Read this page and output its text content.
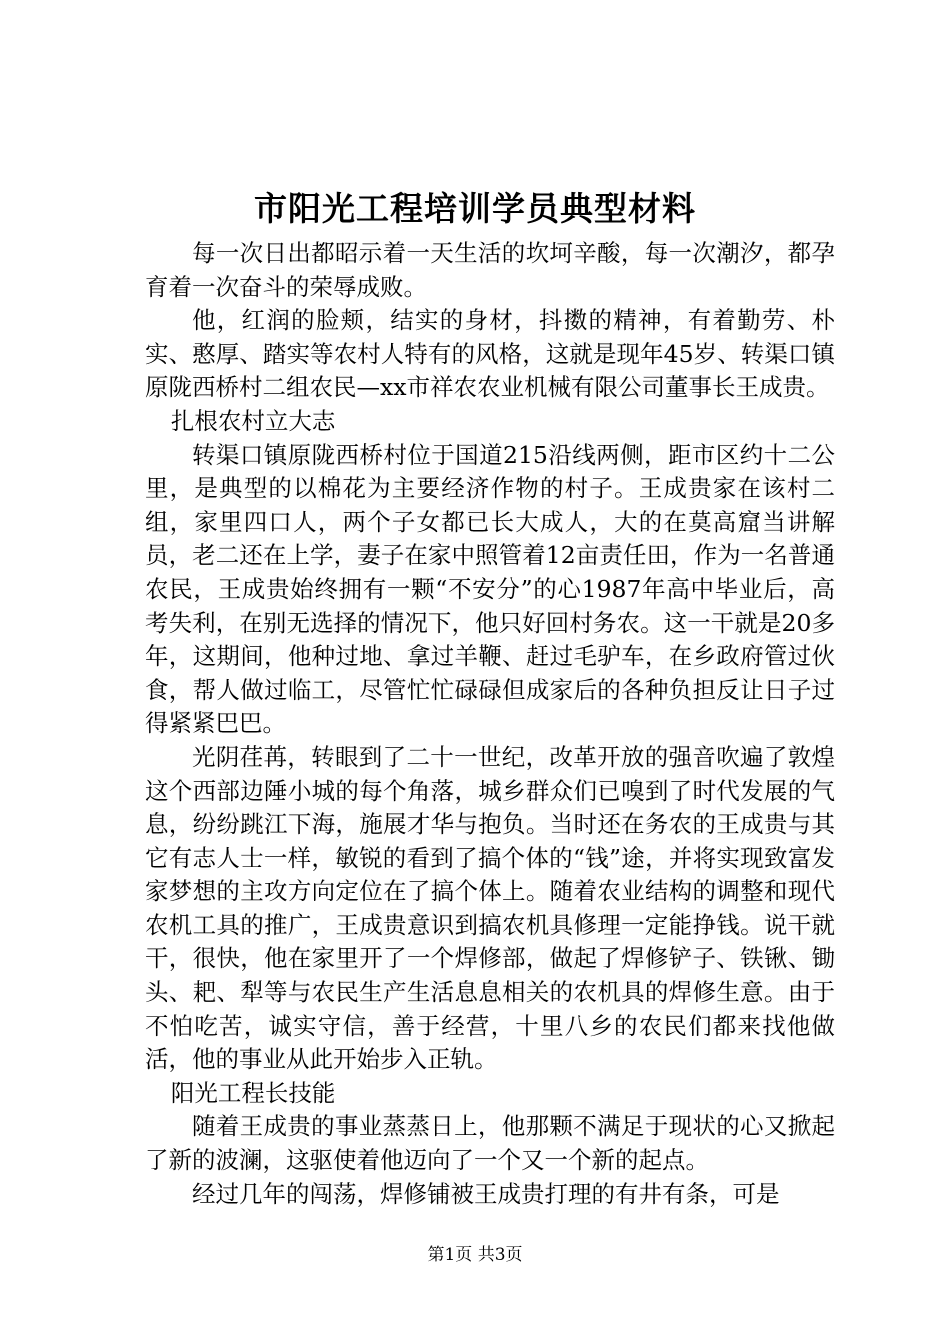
市阳光工程培训学员典型材料

每一次日出都昭示着一天生活的坎坷辛酸，每一次潮汐，都孕育着一次奋斗的荣辱成败。

他，红润的脸颊，结实的身材，抖擞的精神，有着勤劳、朴实、憨厚、踏实等农村人特有的风格，这就是现年45岁、转渠口镇原陇西桥村二组农民—xx市祥农农业机械有限公司董事长王成贵。

扎根农村立大志

转渠口镇原陇西桥村位于国道215沿线两侧，距市区约十二公里，是典型的以棉花为主要经济作物的村子。王成贵家在该村二组，家里四口人，两个子女都已长大成人，大的在莫高窟当讲解员，老二还在上学，妻子在家中照管着12亩责任田，作为一名普通农民，王成贵始终拥有一颗“不安分”的心1987年高中毕业后，高考失利，在别无选择的情况下，他只好回村务农。这一干就是20多年，这期间，他种过地、拿过羊鞭、赶过毛驴车，在乡政府管过伙食，帮人做过临工，尽管忙忙碌碌但成家后的各种负担反让日子过得紧紧巴巴。

光阴荏苒，转眼到了二十一世纪，改革开放的强音吹遍了敦煌这个西部边陲小城的每个角落，城乡群众们已嗅到了时代发展的气息，纷纷跳江下海，施展才华与抱负。当时还在务农的王成贵与其它有志人士一样，敏锐的看到了搞个体的“钱”途，并将实现致富发家梦想的主攻方向定位在了搞个体上。随着农业结构的调整和现代农机工具的推广，王成贵意识到搞农机具修理一定能挣钱。说干就干，很快，他在家里开了一个焊修部，做起了焊修铲子、铁锹、锄头、耙、犁等与农民生产生活息息相关的农机具的焊修生意。由于不怕吃苦，诚实守信，善于经营，十里八乡的农民们都来找他做活，他的事业从此开始步入正轨。

阳光工程长技能

随着王成贵的事业蒸蒸日上，他那颗不满足于现状的心又掀起了新的波澜，这驱使着他迈向了一个又一个新的起点。

经过几年的闯荡，焊修铺被王成贵打理的有井有条，可是

第1页 共3页
